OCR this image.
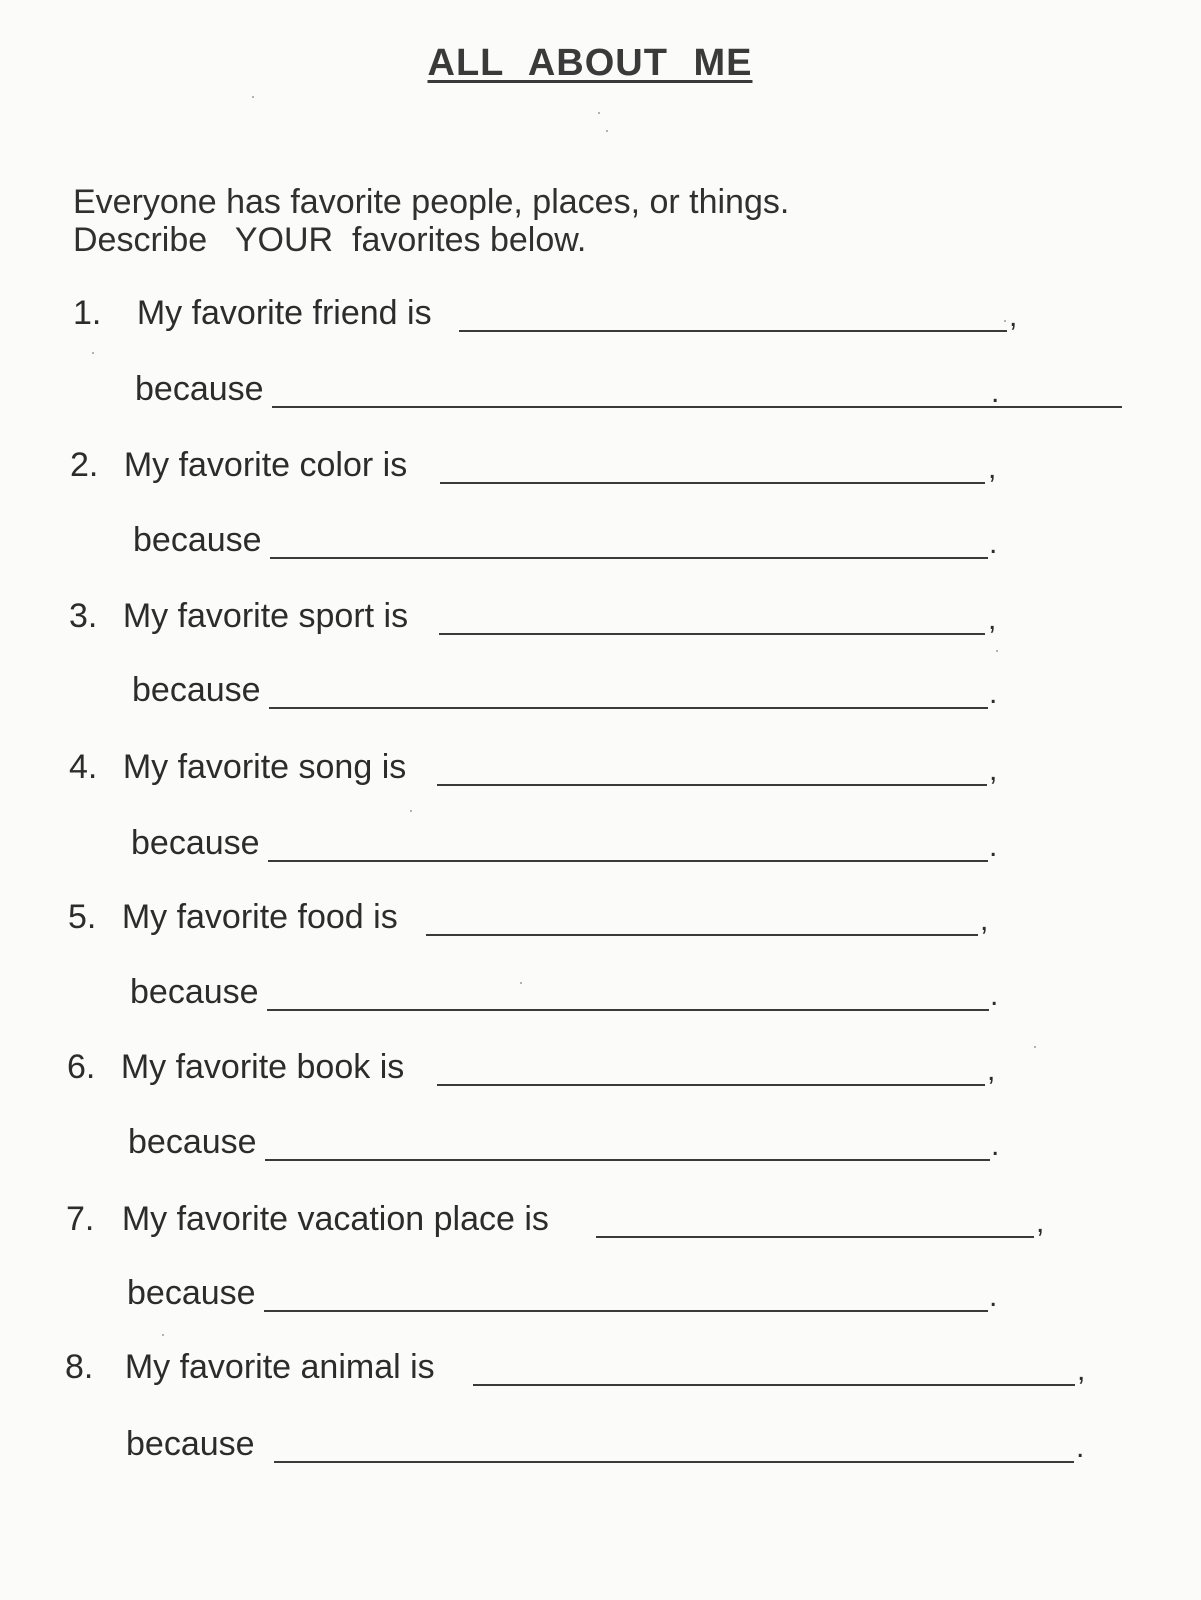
ALL ABOUT ME
Everyone has favorite people, places, or things.
Describe   YOUR  favorites below.
1. My favorite friend is	,
because	.
2. My favorite color is	,
because	.
3. My favorite sport is	,
because	.
4. My favorite song is	,
because	.
5. My favorite food is	,
because	.
6. My favorite book is	,
because	.
7. My favorite vacation place is	,
because	.
8. My favorite animal is	,
because	.
